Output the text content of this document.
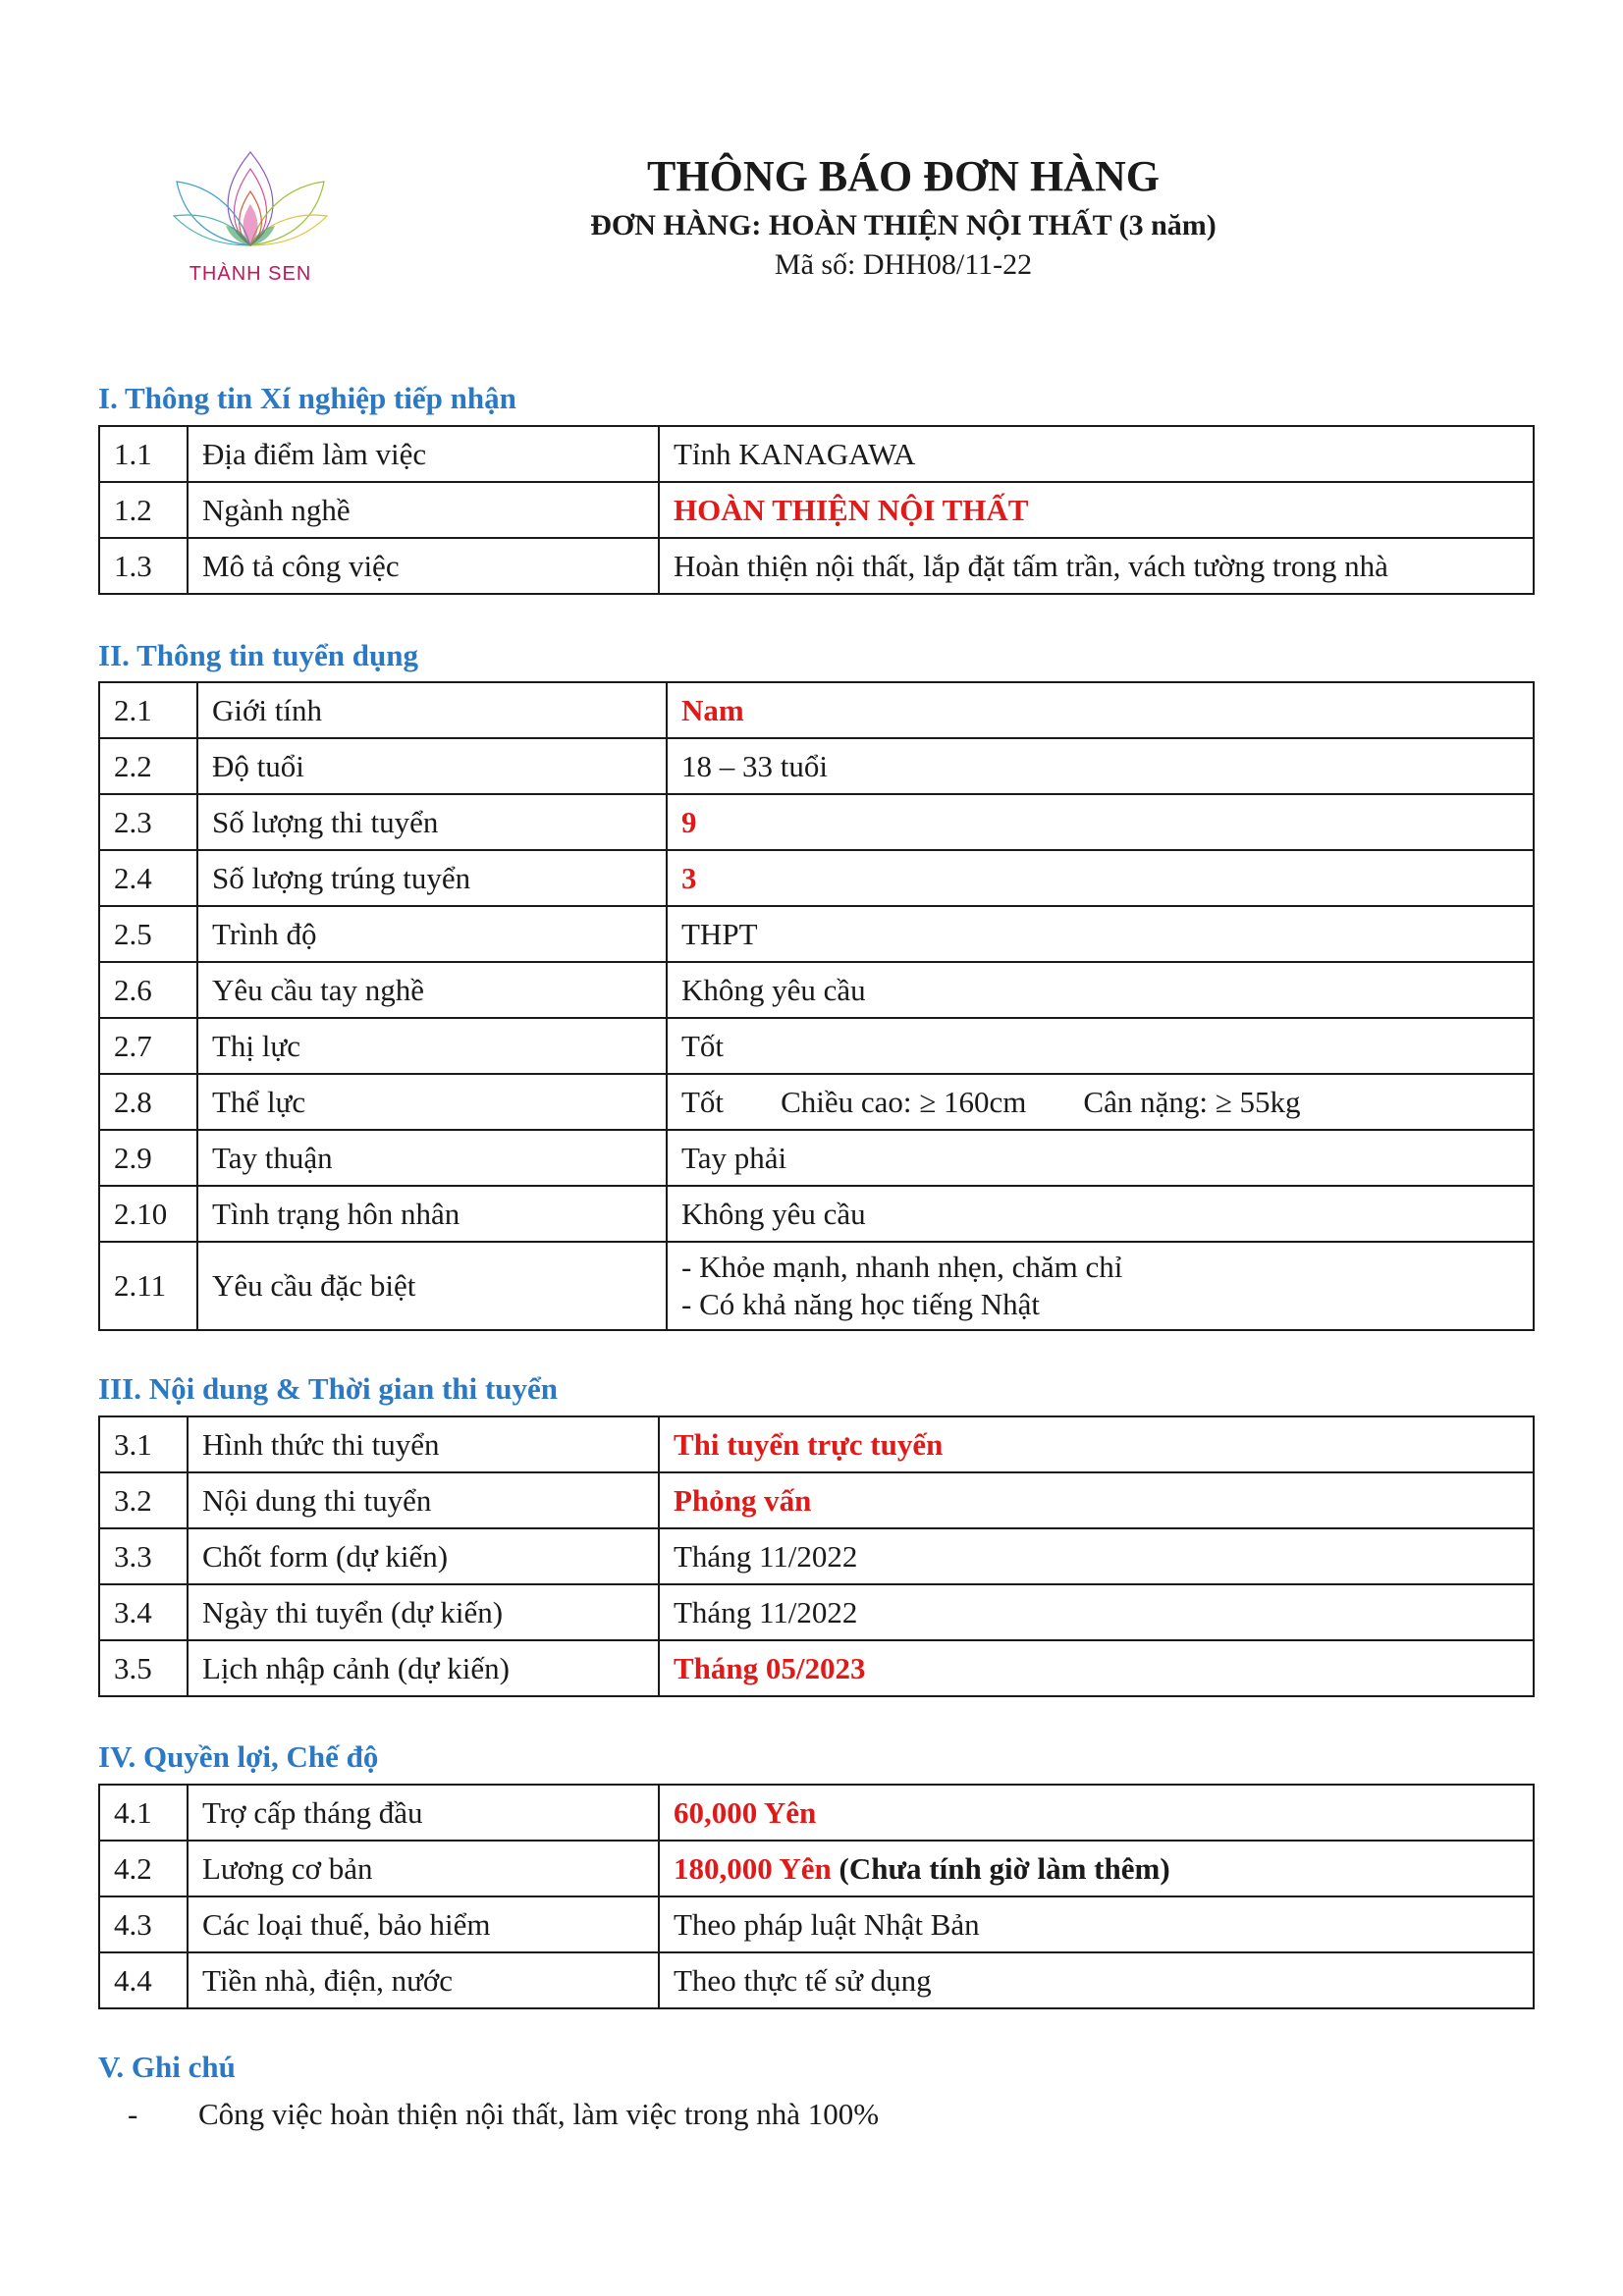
THÀNH SEN
THÔNG BÁO ĐƠN HÀNG
ĐƠN HÀNG: HOÀN THIỆN NỘI THẤT (3 năm)
Mã số: DHH08/11-22
I. Thông tin Xí nghiệp tiếp nhận
1.1	Địa điểm làm việc	Tỉnh KANAGAWA
1.2	Ngành nghề	HOÀN THIỆN NỘI THẤT
1.3	Mô tả công việc	Hoàn thiện nội thất, lắp đặt tấm trần, vách tường trong nhà
II. Thông tin tuyển dụng
2.1	Giới tính	Nam
2.2	Độ tuổi	18 – 33 tuổi
2.3	Số lượng thi tuyển	9
2.4	Số lượng trúng tuyển	3
2.5	Trình độ	THPT
2.6	Yêu cầu tay nghề	Không yêu cầu
2.7	Thị lực	Tốt
2.8	Thể lực	Tốt Chiều cao: ≥ 160cm Cân nặng: ≥ 55kg
2.9	Tay thuận	Tay phải
2.10	Tình trạng hôn nhân	Không yêu cầu
2.11	Yêu cầu đặc biệt	- Khỏe mạnh, nhanh nhẹn, chăm chỉ
- Có khả năng học tiếng Nhật
III. Nội dung & Thời gian thi tuyển
3.1	Hình thức thi tuyển	Thi tuyển trực tuyến
3.2	Nội dung thi tuyển	Phỏng vấn
3.3	Chốt form (dự kiến)	Tháng 11/2022
3.4	Ngày thi tuyển (dự kiến)	Tháng 11/2022
3.5	Lịch nhập cảnh (dự kiến)	Tháng 05/2023
IV. Quyền lợi, Chế độ
4.1	Trợ cấp tháng đầu	60,000 Yên
4.2	Lương cơ bản	180,000 Yên (Chưa tính giờ làm thêm)
4.3	Các loại thuế, bảo hiểm	Theo pháp luật Nhật Bản
4.4	Tiền nhà, điện, nước	Theo thực tế sử dụng
V. Ghi chú
- Công việc hoàn thiện nội thất, làm việc trong nhà 100%
